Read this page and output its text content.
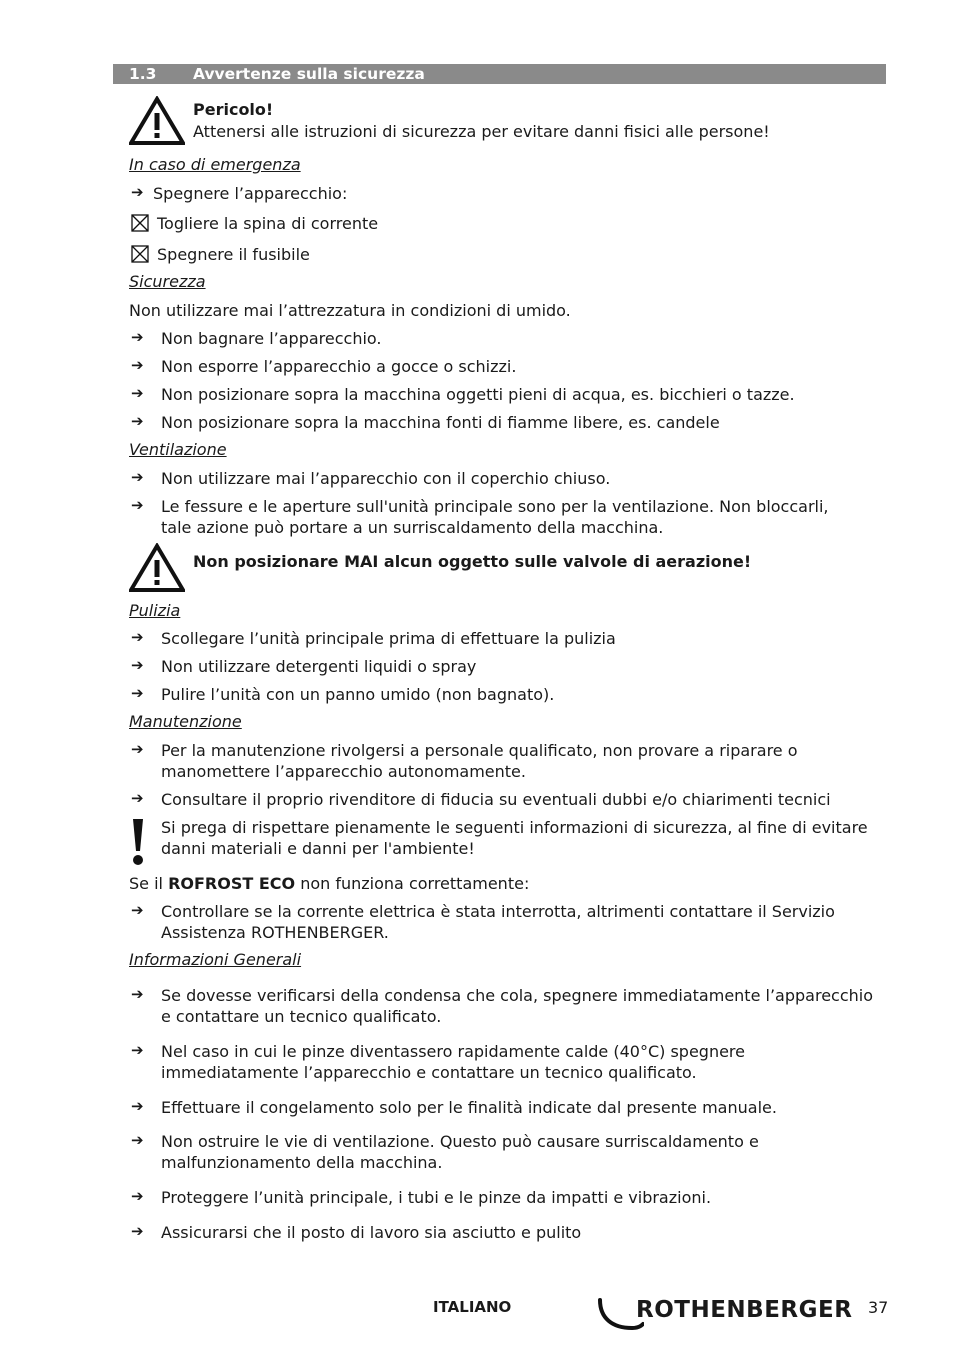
1.3 Avvertenze sulla sicurezza
Pericolo!
Attenersi alle istruzioni di sicurezza per evitare danni fisici alle persone!
In caso di emergenza
➔ Spegnere l’apparecchio:
Togliere la spina di corrente
Spegnere il fusibile
Sicurezza
Non utilizzare mai l’attrezzatura in condizioni di umido.
➔ Non bagnare l’apparecchio.
➔ Non esporre l’apparecchio a gocce o schizzi.
➔ Non posizionare sopra la macchina oggetti pieni di acqua, es. bicchieri o tazze.
➔ Non posizionare sopra la macchina fonti di fiamme libere, es. candele
Ventilazione
➔ Non utilizzare mai l’apparecchio con il coperchio chiuso.
➔ Le fessure e le aperture sull'unità principale sono per la ventilazione. Non bloccarli, tale azione può portare a un surriscaldamento della macchina.
Non posizionare MAI alcun oggetto sulle valvole di aerazione!
Pulizia
➔ Scollegare l’unità principale prima di effettuare la pulizia
➔ Non utilizzare detergenti liquidi o spray
➔ Pulire l’unità con un panno umido (non bagnato).
Manutenzione
➔ Per la manutenzione rivolgersi a personale qualificato, non provare a riparare o manomettere l’apparecchio autonomamente.
➔ Consultare il proprio rivenditore di fiducia su eventuali dubbi e/o chiarimenti tecnici
Si prega di rispettare pienamente le seguenti informazioni di sicurezza, al fine di evitare danni materiali e danni per l'ambiente!
Se il ROFROST ECO non funziona correttamente:
➔ Controllare se la corrente elettrica è stata interrotta, altrimenti contattare il Servizio Assistenza ROTHENBERGER.
Informazioni Generali
➔ Se dovesse verificarsi della condensa che cola, spegnere immediatamente l’apparecchio e contattare un tecnico qualificato.
➔ Nel caso in cui le pinze diventassero rapidamente calde (40°C) spegnere immediatamente l’apparecchio e contattare un tecnico qualificato.
➔ Effettuare il congelamento solo per le finalità indicate dal presente manuale.
➔ Non ostruire le vie di ventilazione. Questo può causare surriscaldamento e malfunzionamento della macchina.
➔ Proteggere l’unità principale, i tubi e le pinze da impatti e vibrazioni.
➔ Assicurarsi che il posto di lavoro sia asciutto e pulito
ITALIANO	ROTHENBERGER 37
